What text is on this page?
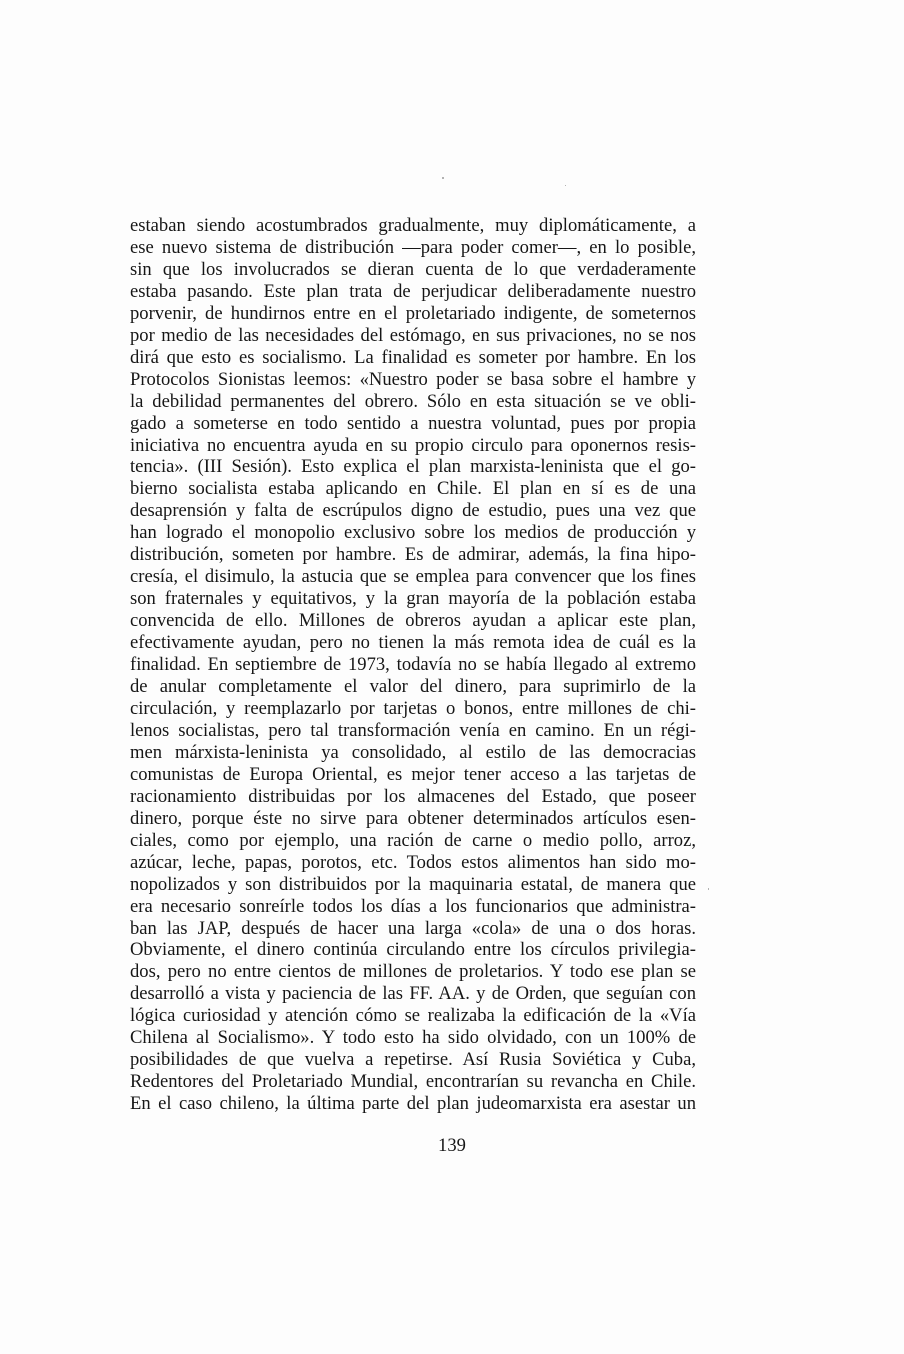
estaban siendo acostumbrados gradualmente, muy diplomáticamente, a
ese nuevo sistema de distribución —para poder comer—, en lo posible,
sin que los involucrados se dieran cuenta de lo que verdaderamente
estaba pasando. Este plan trata de perjudicar deliberadamente nuestro
porvenir, de hundirnos entre en el proletariado indigente, de someternos
por medio de las necesidades del estómago, en sus privaciones, no se nos
dirá que esto es socialismo. La finalidad es someter por hambre. En los
Protocolos Sionistas leemos: «Nuestro poder se basa sobre el hambre y
la debilidad permanentes del obrero. Sólo en esta situación se ve obli-
gado a someterse en todo sentido a nuestra voluntad, pues por propia
iniciativa no encuentra ayuda en su propio circulo para oponernos resis-
tencia». (III Sesión). Esto explica el plan marxista-leninista que el go-
bierno socialista estaba aplicando en Chile. El plan en sí es de una
desaprensión y falta de escrúpulos digno de estudio, pues una vez que
han logrado el monopolio exclusivo sobre los medios de producción y
distribución, someten por hambre. Es de admirar, además, la fina hipo-
cresía, el disimulo, la astucia que se emplea para convencer que los fines
son fraternales y equitativos, y la gran mayoría de la población estaba
convencida de ello. Millones de obreros ayudan a aplicar este plan,
efectivamente ayudan, pero no tienen la más remota idea de cuál es la
finalidad. En septiembre de 1973, todavía no se había llegado al extremo
de anular completamente el valor del dinero, para suprimirlo de la
circulación, y reemplazarlo por tarjetas o bonos, entre millones de chi-
lenos socialistas, pero tal transformación venía en camino. En un régi-
men márxista-leninista ya consolidado, al estilo de las democracias
comunistas de Europa Oriental, es mejor tener acceso a las tarjetas de
racionamiento distribuidas por los almacenes del Estado, que poseer
dinero, porque éste no sirve para obtener determinados artículos esen-
ciales, como por ejemplo, una ración de carne o medio pollo, arroz,
azúcar, leche, papas, porotos, etc. Todos estos alimentos han sido mo-
nopolizados y son distribuidos por la maquinaria estatal, de manera que
era necesario sonreírle todos los días a los funcionarios que administra-
ban las JAP, después de hacer una larga «cola» de una o dos horas.
Obviamente, el dinero continúa circulando entre los círculos privilegia-
dos, pero no entre cientos de millones de proletarios. Y todo ese plan se
desarrolló a vista y paciencia de las FF. AA. y de Orden, que seguían con
lógica curiosidad y atención cómo se realizaba la edificación de la «Vía
Chilena al Socialismo». Y todo esto ha sido olvidado, con un 100% de
posibilidades de que vuelva a repetirse. Así Rusia Soviética y Cuba,
Redentores del Proletariado Mundial, encontrarían su revancha en Chile.
En el caso chileno, la última parte del plan judeomarxista era asestar un
139
